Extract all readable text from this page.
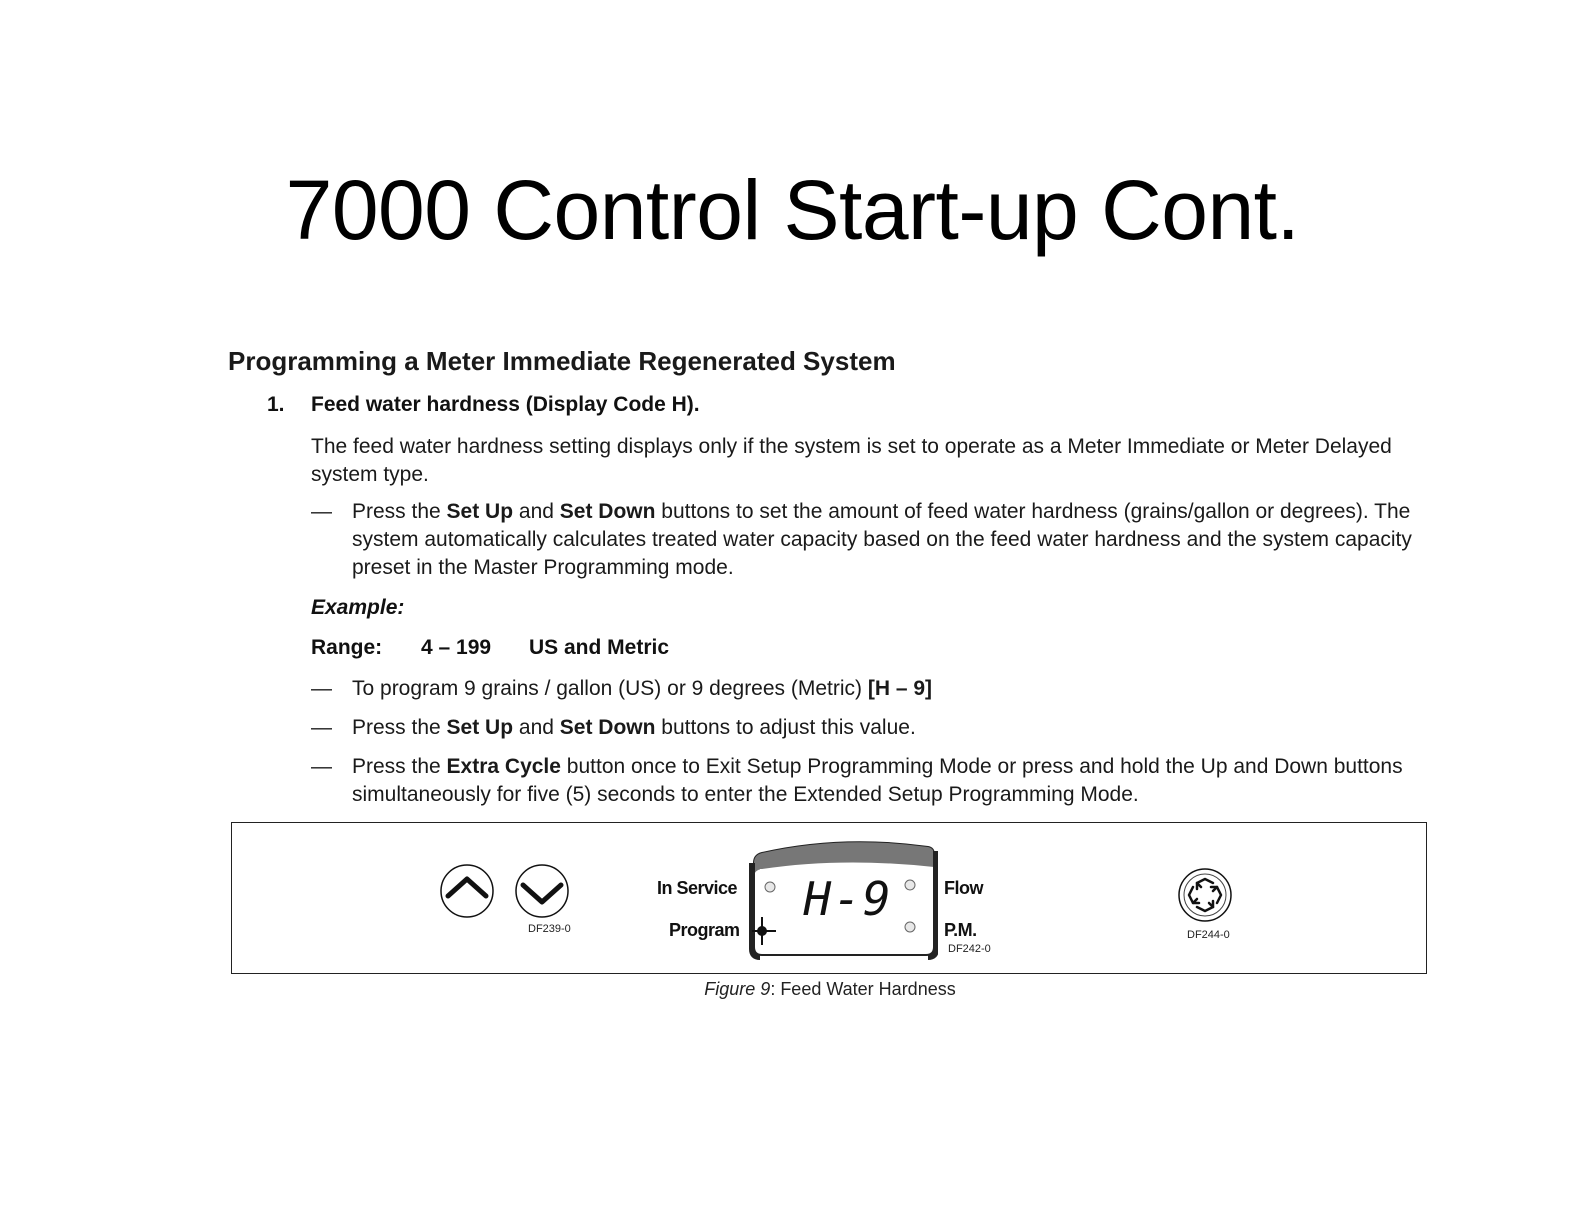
7000 Control Start-up Cont.
Programming a Meter Immediate Regenerated System
1. Feed water hardness (Display Code H).
The feed water hardness setting displays only if the system is set to operate as a Meter Immediate or Meter Delayed system type.
— Press the Set Up and Set Down buttons to set the amount of feed water hardness (grains/gallon or degrees). The system automatically calculates treated water capacity based on the feed water hardness and the system capacity preset in the Master Programming mode.
Example:
Range: 4 – 199 US and Metric
— To program 9 grains / gallon (US) or 9 degrees (Metric) [H – 9]
— Press the Set Up and Set Down buttons to adjust this value.
— Press the Extra Cycle button once to Exit Setup Programming Mode or press and hold the Up and Down buttons simultaneously for five (5) seconds to enter the Extended Setup Programming Mode.
DF239-0
In Service
Program
H-9	Flow
P.M.
DF242-0
DF244-0
Figure 9: Feed Water Hardness
